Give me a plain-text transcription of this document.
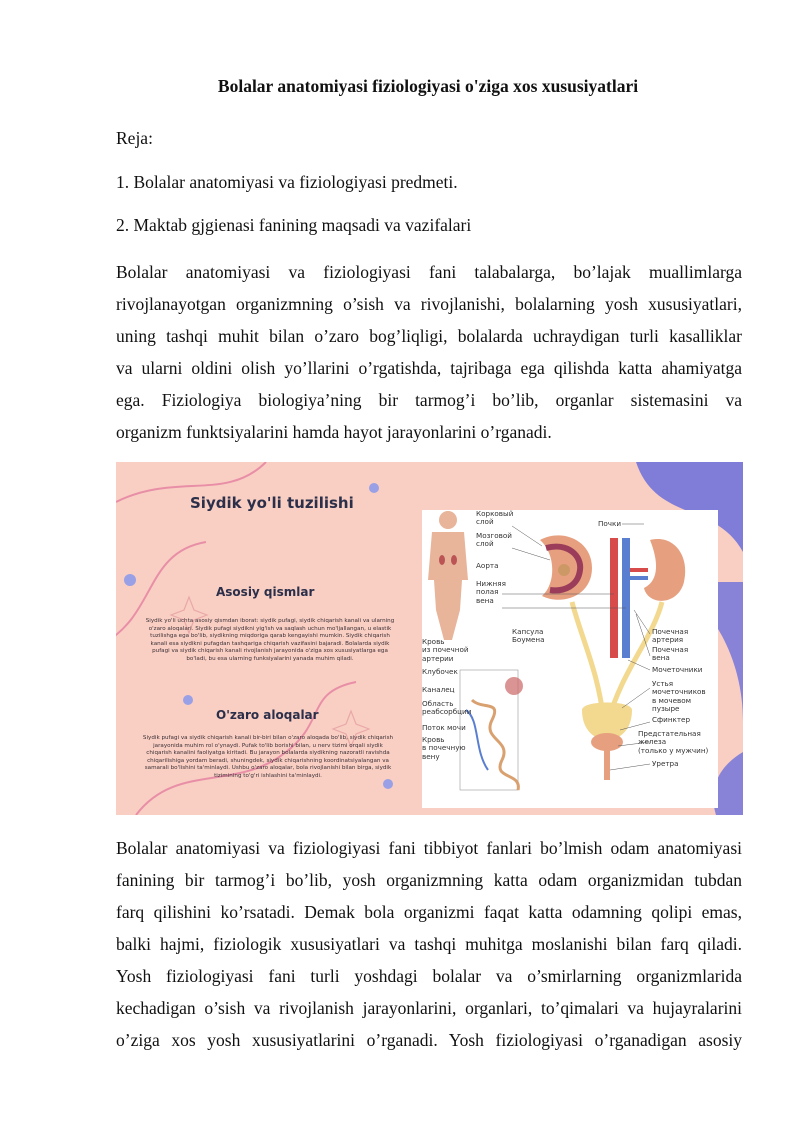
Bolalar anatomiyasi fiziologiyasi o'ziga xos xususiyatlari
Reja:
1. Bolalar anatomiyasi va fiziologiyasi predmeti.
2. Maktab gjgienasi fanining maqsadi va vazifalari
Bolalar anatomiyasi va fiziologiyasi fani talabalarga, bo’lajak muallimlarga
rivojlanayotgan organizmning o’sish va rivojlanishi, bolalarning yosh xususiyatlari,
uning tashqi muhit bilan o’zaro bog’liqligi, bolalarda uchraydigan turli kasalliklar
va ularni oldini olish yo’llarini o’rgatishda, tajribaga ega qilishda katta ahamiyatga
ega. Fiziologiya biologiya’ning bir tarmog’i bo’lib, organlar sistemasini va
organizm funktsiyalarini hamda hayot jarayonlarini o’rganadi.
Siydik yo'li tuzilishi
Asosiy qismlar
Siydik yo'li uchta asosiy qismdan iborat: siydik pufagi, siydik chiqarish kanali va ularning o'zaro aloqalari. Siydik pufagi siydikni yig'ish va saqlash uchun mo'ljallangan, u elastik tuzilishga ega bo'lib, siydikning miqdoriga qarab kengayishi mumkin. Siydik chiqarish kanali esa siydikni pufagdan tashqariga chiqarish vazifasini bajaradi. Bolalarda siydik pufagi va siydik chiqarish kanali rivojlanish jarayonida o'ziga xos xususiyatlarga ega bo'ladi, bu esa ularning funksiyalarini yanada muhim qiladi.
O'zaro aloqalar
Siydik pufagi va siydik chiqarish kanali bir-biri bilan o'zaro aloqada bo'lib, siydik chiqarish jarayonida muhim rol o'ynaydi. Pufak to'lib borishi bilan, u nerv tizimi orqali siydik chiqarish kanalini faoliyatga kiritadi. Bu jarayon bolalarda siydikning nazoratli ravishda chiqarilishiga yordam beradi, shuningdek, siydik chiqarishning koordinatsiyalangan va samarali bo'lishini ta'minlaydi. Ushbu o'zaro aloqalar, bola rivojlanishi bilan birga, siydik tizimining to'g'ri ishlashini ta'minlaydi.
Корковый
слой	Почки
Мозговой
слой
Аорта
Нижняя
полая
вена
Кровь
из почечной
артерии
Капсула
Боумена
Клубочек
Каналец
Область
реабсорбции
Поток мочи
Кровь
в почечную
вену
Почечная
артерия
Почечная
вена
Мочеточники
Устья
мочеточников
в мочевом
пузыре
Сфинктер
Предстательная
железа
(только у мужчин)
Уретра
Bolalar anatomiyasi va fiziologiyasi fani tibbiyot fanlari bo’lmish odam anatomiyasi
fanining bir tarmog’i bo’lib, yosh organizmning katta odam organizmidan tubdan
farq qilishini ko’rsatadi. Demak bola organizmi faqat katta odamning qolipi emas,
balki hajmi, fiziologik xususiyatlari va tashqi muhitga moslanishi bilan farq qiladi.
Yosh fiziologiyasi fani turli yoshdagi bolalar va o’smirlarning organizmlarida
kechadigan o’sish va rivojlanish jarayonlarini, organlari, to’qimalari va hujayralarini
o’ziga xos yosh xususiyatlarini o’rganadi. Yosh fiziologiyasi o’rganadigan asosiy
